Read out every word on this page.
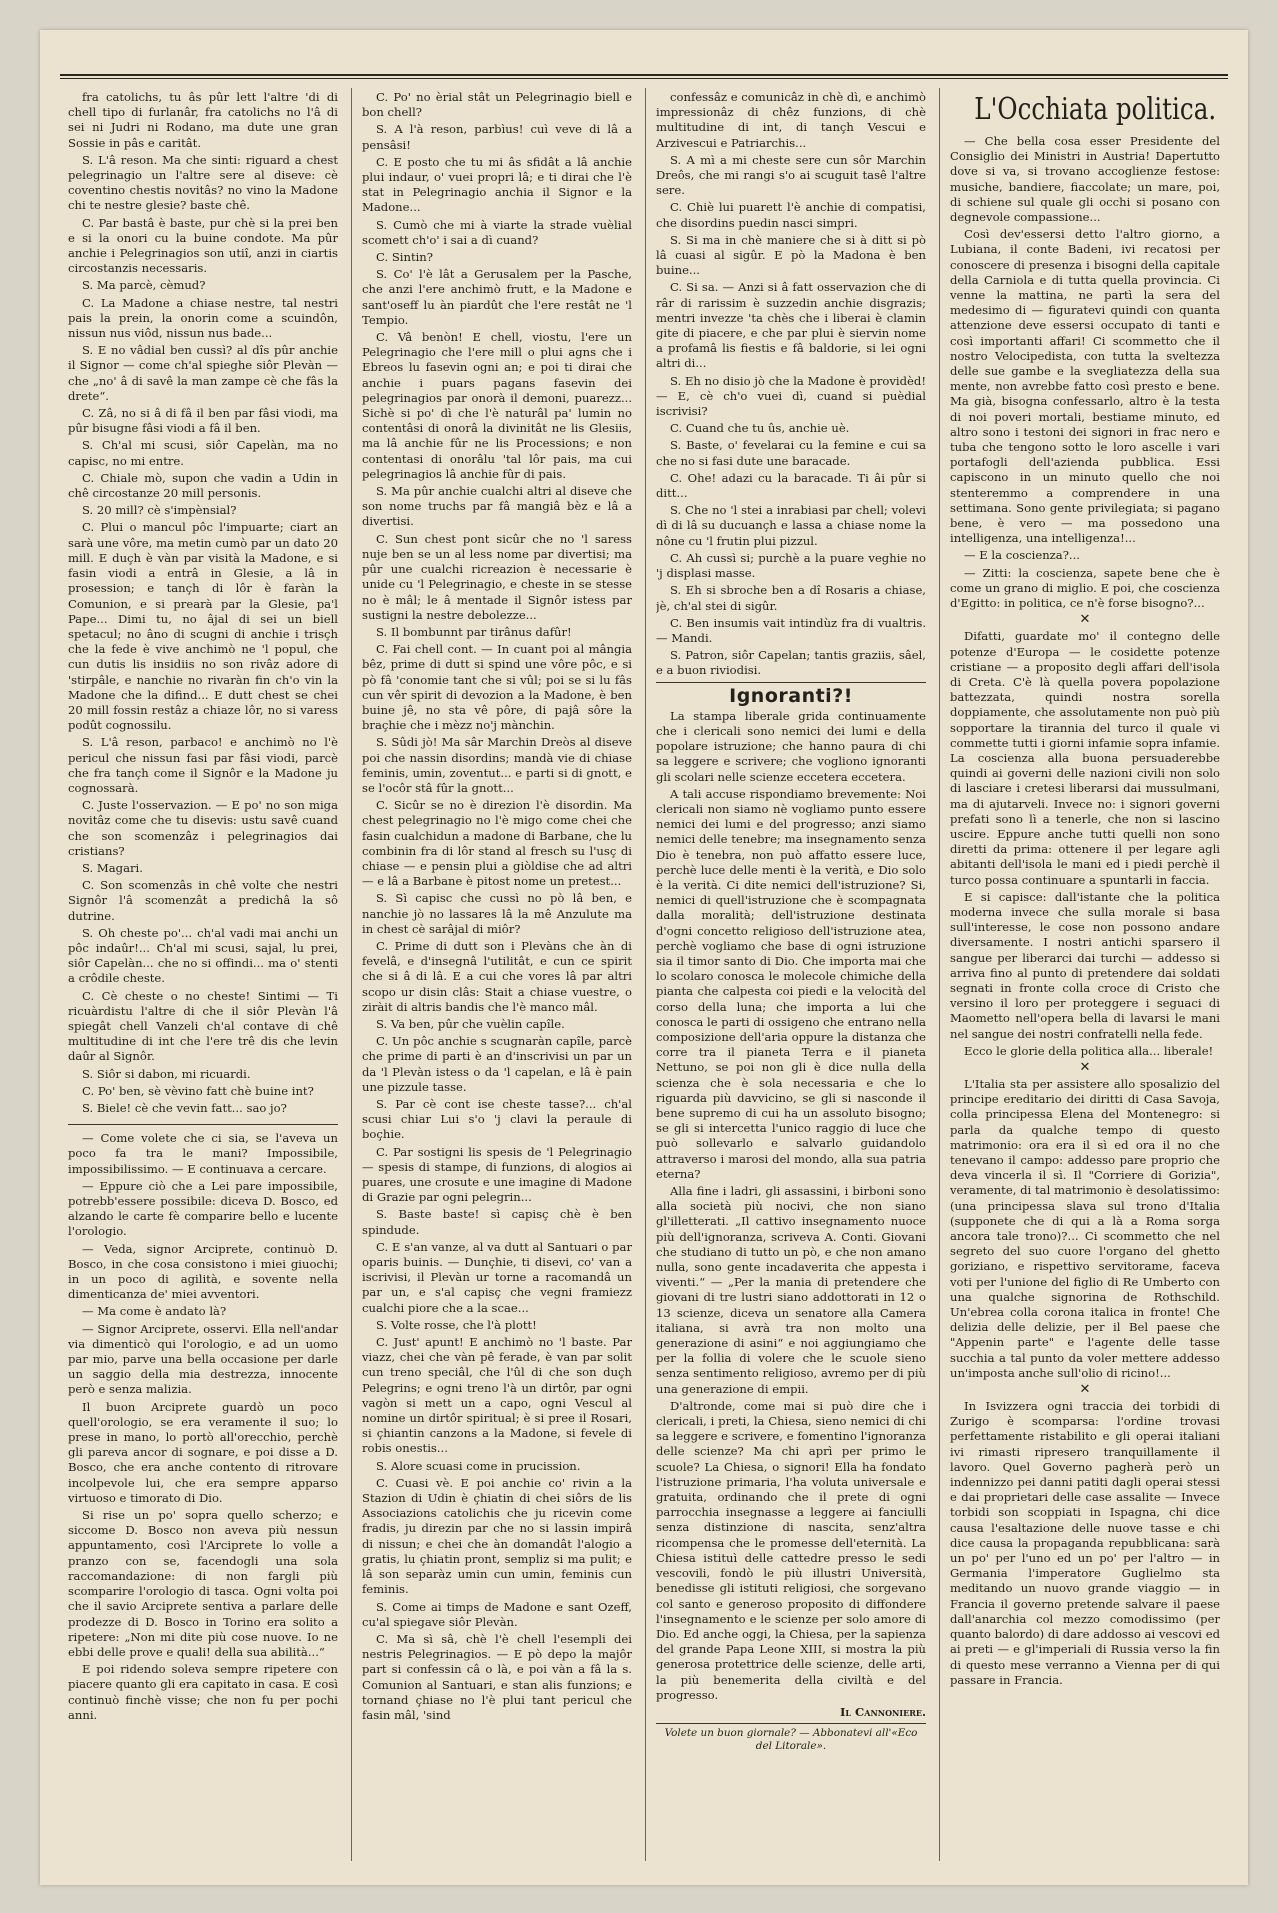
fra catolichs, tu âs pûr lett l'altre 'di di chell tipo di furlanâr, fra catolichs no l'â di sei ni Judri ni Rodano, ma dute une gran Sossie in pâs e caritât.

S. L'â reson. Ma che sinti: riguard a chest pelegrinagio un l'altre sere al diseve: cè coventino chestis novitâs? no vino la Madone chi te nestre glesie? baste chê.

C. Par bastâ è baste, pur chè si la prei ben e si la onori cu la buine condote. Ma pûr anchie i Pelegrinagios son utiî, anzi in ciartis circostanzis necessaris.

S. Ma parcè, cèmud?

C. La Madone a chiase nestre, tal nestri pais la prein, la onorin come a scuindôn, nissun nus viôd, nissun nus bade...

S. E no vâdial ben cussì? al dîs pûr anchie il Signor — come ch'al spieghe siôr Plevàn — che „no' â di savê la man zampe cè che fâs la drete“.

C. Zâ, no si â di fâ il ben par fâsi viodi, ma pûr bisugne fâsi viodi a fâ il ben.

S. Ch'al mi scusi, siôr Capelàn, ma no capisc, no mi entre.

C. Chiale mò, supon che vadin a Udin in chê circostanze 20 mill personis.

S. 20 mill? cè s'impènsial?

C. Plui o mancul pôc l'impuarte; ciart an sarà une vôre, ma metin cumò par un dato 20 mill. E duçh è vàn par visità la Madone, e si fasin viodi a entrâ in Glesie, a lâ in prosession; e tançh di lôr è faràn la Comunion, e si prearà par la Glesie, pa'l Pape... Dimi tu, no âjal di sei un biell spetacul; no âno di scugni di anchie i trisçh che la fede è vive anchimò ne 'l popul, che cun dutis lis insidiis no son rivâz adore di 'stirpâle, e nanchie no rivaràn fin ch'o vin la Madone che la difind... E dutt chest se chei 20 mill fossin restâz a chiaze lôr, no si varess podût cognossilu.

S. L'â reson, parbaco! e anchimò no l'è pericul che nissun fasi par fâsi viodi, parcè che fra tançh come il Signôr e la Madone ju cognossarà.

C. Juste l'osservazion. — E po' no son miga novitâz come che tu disevis: ustu savê cuand che son scomenzâz i pelegrinagios dai cristians?

S. Magari.

C. Son scomenzâs in chê volte che nestri Signôr l'â scomenzât a predichâ la sô dutrine.

S. Oh cheste po'... ch'al vadi mai anchi un pôc indaûr!... Ch'al mi scusi, sajal, lu prei, siôr Capelàn... che no si offindi... ma o' stenti a crôdile cheste.

C. Cè cheste o no cheste! Sintimi — Ti ricuàrdistu l'altre di che il siôr Plevàn l'â spiegât chell Vanzeli ch'al contave di chê multitudine di int che l'ere trê dis che levin daûr al Signôr.

S. Siôr si dabon, mi ricuardi.

C. Po' ben, sè vèvino fatt chè buine int?

S. Biele! cè che vevin fatt... sao jo?

— Come volete che ci sia, se l'aveva un poco fa tra le mani? Impossibile, impossibilissimo. — E continuava a cercare.

— Eppure ciò che a Lei pare impossibile, potrebb'essere possibile: diceva D. Bosco, ed alzando le carte fè comparire bello e lucente l'orologio.

— Veda, signor Arciprete, continuò D. Bosco, in che cosa consistono i miei giuochi; in un poco di agilità, e sovente nella dimenticanza de' miei avventori.

— Ma come è andato là?

— Signor Arciprete, osservi. Ella nell'andar via dimenticò qui l'orologio, e ad un uomo par mio, parve una bella occasione per darle un saggio della mia destrezza, innocente però e senza malizia.

Il buon Arciprete guardò un poco quell'orologio, se era veramente il suo; lo prese in mano, lo portò all'orecchio, perchè gli pareva ancor di sognare, e poi disse a D. Bosco, che era anche contento di ritrovare incolpevole lui, che era sempre apparso virtuoso e timorato di Dio.

Si rise un po' sopra quello scherzo; e siccome D. Bosco non aveva più nessun appuntamento, così l'Arciprete lo volle a pranzo con se, facendogli una sola raccomandazione: di non fargli più scomparire l'orologio di tasca. Ogni volta poi che il savio Arciprete sentiva a parlare delle prodezze di D. Bosco in Torino era solito a ripetere: „Non mi dite più cose nuove. Io ne ebbi delle prove e quali! della sua abilità...“

E poi ridendo soleva sempre ripetere con piacere quanto gli era capitato in casa. E così continuò finchè visse; che non fu per pochi anni.

C. Po' no èrial stât un Pelegrinagio biell e bon chell?

S. A l'à reson, parbìus! cuì veve di lâ a pensâsi!

C. E posto che tu mi âs sfidât a lâ anchie plui indaur, o' vuei propri lâ; e ti dirai che l'è stat in Pelegrinagio anchia il Signor e la Madone...

S. Cumò che mi à viarte la strade vuèlial scomett ch'o' i sai a dì cuand?

C. Sintin?

S. Co' l'è lât a Gerusalem per la Pasche, che anzi l'ere anchimò frutt, e la Madone e sant'oseff lu àn piardût che l'ere restât ne 'l Tempio.

C. Vâ benòn! E chell, viostu, l'ere un Pelegrinagio che l'ere mill o plui agns che i Ebreos lu fasevin ogni an; e poi ti dirai che anchie i puars pagans fasevin dei pelegrinagios par onorà il demoni, puarezz... Sichè si po' dì che l'è naturâl pa' lumin no contentâsi di onorâ la divinitât ne lis Glesiis, ma lâ anchie fûr ne lis Processions; e non contentasi di onorâlu 'tal lôr pais, ma cui pelegrinagios lâ anchie fûr di pais.

S. Ma pûr anchie cualchi altri al diseve che son nome truchs par fâ mangiâ bèz e lâ a divertisi.

C. Sun chest pont sicûr che no 'l saress nuje ben se un al less nome par divertisi; ma pûr une cualchi ricreazion è necessarie è unide cu 'l Pelegrinagio, e cheste in se stesse no è mâl; le â mentade il Signôr istess par sustigni la nestre debolezze...

S. Il bombunnt par tirânus dafûr!

C. Fai chell cont. — In cuant poi al mângia bêz, prime di dutt si spind une vôre pôc, e si pò fâ 'conomie tant che si vûl; poi se si lu fâs cun vêr spirit di devozion a la Madone, è ben buine jê, no sta vê pôre, di pajâ sôre la braçhie che i mèzz no'j mànchin.

S. Sûdi jò! Ma sâr Marchin Dreòs al diseve poi che nassin disordins; mandà vie di chiase feminis, umin, zoventut... e parti si di gnott, e se l'ocôr stâ fûr la gnott...

C. Sicûr se no è direzion l'è disordin. Ma chest pelegrinagio no l'è migo come chei che fasin cualchidun a madone di Barbane, che lu combinin fra di lôr stand al fresch su l'usç di chiase — e pensin plui a giòldise che ad altri — e lâ a Barbane è pitost nome un pretest...

S. Sì capisc che cussì no pò lâ ben, e nanchie jò no lassares lâ la mê Anzulute ma in chest cè sarâjal di miôr?

C. Prime di dutt son i Plevàns che àn di fevelâ, e d'insegnâ l'utilitât, e cun ce spirit che si â di lâ. E a cui che vores lâ par altri scopo ur disin clâs: Stait a chiase vuestre, o ziràit di altris bandis che l'è manco mâl.

S. Va ben, pûr che vuèlin capîle.

C. Un pôc anchie s scugnaràn capîle, parcè che prime di parti è an d'inscrivisi un par un da 'l Plevàn istess o da 'l capelan, e lâ è pain une pizzule tasse.

S. Par cè cont ise cheste tasse?... ch'al scusi chiar Lui s'o 'j clavi la peraule di boçhie.

C. Par sostigni lis spesis de 'l Pelegrinagio — spesis di stampe, di funzions, di alogios ai puares, une crosute e une imagine di Madone di Grazie par ogni pelegrin...

S. Baste baste! sì capisç chè è ben spindude.

C. E s'an vanze, al va dutt al Santuari o par oparis buinis. — Dunçhie, ti disevi, co' van a iscrivisi, il Plevàn ur torne a racomandâ un par un, e s'al capisç che vegni framiezz cualchi piore che a la scae...

S. Volte rosse, che l'à plott!

C. Just' apunt! E anchimò no 'l baste. Par viazz, chei che vàn pê ferade, è van par solit cun treno speciâl, che l'ûl di che son duçh Pelegrins; e ogni treno l'à un dirtôr, par ogni vagòn si mett un a capo, ogni Vescul al nomine un dirtôr spiritual; è si pree il Rosari, si çhiantin canzons a la Madone, si fevele di robis onestis...

S. Alore scuasi come in prucission.

C. Cuasi vè. E poi anchie co' rivin a la Stazion di Udin è çhiatin di chei siôrs de lis Associazions catolichis che ju ricevin come fradis, ju direzin par che no si lassin impirâ di nissun; e chei che àn domandât l'alogio a gratis, lu çhiatin pront, sempliz si ma pulit; e lâ son separàz umin cun umin, feminis cun feminis.

S. Come ai timps de Madone e sant Ozeff, cu'al spiegave siôr Plevàn.

C. Ma sì sâ, chè l'è chell l'esempli dei nestris Pelegrinagios. — E pò depo la majôr part si confessin câ o là, e poi vàn a fâ la s. Comunion al Santuari, e stan alis funzions; e tornand çhiase no l'è plui tant pericul che fasin mâl, 'sind

confessâz e comunicâz in chè dì, e anchimò impressionâz di chêz funzions, di chè multitudine di int, di tançh Vescui e Arzivescui e Patriarchis...

S. A mì a mi cheste sere cun sôr Marchin Dreôs, che mi rangi s'o ai scuguit tasê l'altre sere.

C. Chiè lui puarett l'è anchie di compatisi, che disordins puedin nasci simpri.

S. Si ma in chè maniere che si à ditt si pò lâ cuasi al sigûr. E pò la Madona è ben buine...

C. Si sa. — Anzi si â fatt osservazion che di râr di rarissim è suzzedin anchie disgrazis; mentri invezze 'ta chès che i liberai è clamin gite di piacere, e che par plui è siervin nome a profamâ lis fiestis e fâ baldorie, si lei ogni altri di...

S. Eh no disio jò che la Madone è providèd! — E, cè ch'o vuei dì, cuand si puèdial iscrivisi?

C. Cuand che tu ûs, anchie uè.

S. Baste, o' fevelarai cu la femine e cui sa che no si fasi dute une baracade.

C. Ohe! adazi cu la baracade. Ti âi pûr si ditt...

S. Che no 'l stei a inrabiasi par chell; volevi dì di lâ su ducuançh e lassa a chiase nome la nône cu 'l frutin plui pizzul.

C. Ah cussì si; purchè a la puare veghie no 'j displasi masse.

S. Eh si sbroche ben a dî Rosaris a chiase, jè, ch'al stei di sigûr.

C. Ben insumis vait intindùz fra di vualtris. — Mandi.

S. Patron, siôr Capelan; tantis graziis, sâel, e a buon riviodisi.

Ignoranti?!

La stampa liberale grida continuamente che i clericali sono nemici dei lumi e della popolare istruzione; che hanno paura di chi sa leggere e scrivere; che vogliono ignoranti gli scolari nelle scienze eccetera eccetera.

A tali accuse rispondiamo brevemente: Noi clericali non siamo nè vogliamo punto essere nemici dei lumi e del progresso; anzi siamo nemici delle tenebre; ma insegnamento senza Dio è tenebra, non può affatto essere luce, perchè luce delle menti è la verità, e Dio solo è la verità. Ci dite nemici dell'istruzione? Si, nemici di quell'istruzione che è scompagnata dalla moralità; dell'istruzione destinata d'ogni concetto religioso dell'istruzione atea, perchè vogliamo che base di ogni istruzione sia il timor santo di Dio. Che importa mai che lo scolaro conosca le molecole chimiche della pianta che calpesta coi piedi e la velocità del corso della luna; che importa a lui che conosca le parti di ossigeno che entrano nella composizione dell'aria oppure la distanza che corre tra il pianeta Terra e il pianeta Nettuno, se poi non gli è dice nulla della scienza che è sola necessaria e che lo riguarda più davvicino, se gli si nasconde il bene supremo di cui ha un assoluto bisogno; se gli si intercetta l'unico raggio di luce che può sollevarlo e salvarlo guidandolo attraverso i marosi del mondo, alla sua patria eterna?

Alla fine i ladri, gli assassini, i birboni sono alla società più nocivi, che non siano gl'illetterati. „Il cattivo insegnamento nuoce più dell'ignoranza, scriveva A. Conti. Giovani che studiano di tutto un pò, e che non amano nulla, sono gente incadaverita che appesta i viventi.“ — „Per la mania di pretendere che giovani di tre lustri siano addottorati in 12 o 13 scienze, diceva un senatore alla Camera italiana, si avrà tra non molto una generazione di asini“ e noi aggiungiamo che per la follia di volere che le scuole sieno senza sentimento religioso, avremo per di più una generazione di empii.

D'altronde, come mai si può dire che i clericali, i preti, la Chiesa, sieno nemici di chi sa leggere e scrivere, e fomentino l'ignoranza delle scienze? Ma chi aprì per primo le scuole? La Chiesa, o signori! Ella ha fondato l'istruzione primaria, l'ha voluta universale e gratuita, ordinando che il prete di ogni parrocchia insegnasse a leggere ai fanciulli senza distinzione di nascita, senz'altra ricompensa che le promesse dell'eternità. La Chiesa istituì delle cattedre presso le sedi vescovili, fondò le più illustri Università, benedisse gli istituti religiosi, che sorgevano col santo e generoso proposito di diffondere l'insegnamento e le scienze per solo amore di Dio. Ed anche oggi, la Chiesa, per la sapienza del grande Papa Leone XIII, si mostra la più generosa protettrice delle scienze, delle arti, la più benemerita della civiltà e del progresso.

Il Cannoniere.

Volete un buon giornale? — Abbonatevi all'«Eco del Litorale».

L'Occhiata politica.

— Che bella cosa esser Presidente del Consiglio dei Ministri in Austria! Dapertutto dove si va, si trovano accoglienze festose: musiche, bandiere, fiaccolate; un mare, poi, di schiene sul quale gli occhi si posano con degnevole compassione...

Così dev'essersi detto l'altro giorno, a Lubiana, il conte Badeni, ivi recatosi per conoscere di presenza i bisogni della capitale della Carniola e di tutta quella provincia. Ci venne la mattina, ne partì la sera del medesimo di — figuratevi quindi con quanta attenzione deve essersi occupato di tanti e così importanti affari! Ci scommetto che il nostro Velocipedista, con tutta la sveltezza delle sue gambe e la svegliatezza della sua mente, non avrebbe fatto così presto e bene. Ma già, bisogna confessarlo, altro è la testa di noi poveri mortali, bestiame minuto, ed altro sono i testoni dei signori in frac nero e tuba che tengono sotto le loro ascelle i vari portafogli dell'azienda pubblica. Essi capiscono in un minuto quello che noi stenteremmo a comprendere in una settimana. Sono gente privilegiata; si pagano bene, è vero — ma possedono una intelligenza, una intelligenza!...

— E la coscienza?...

— Zitti: la coscienza, sapete bene che è come un grano di miglio. E poi, che coscienza d'Egitto: in politica, ce n'è forse bisogno?...

✕

Difatti, guardate mo' il contegno delle potenze d'Europa — le cosidette potenze cristiane — a proposito degli affari dell'isola di Creta. C'è là quella povera popolazione battezzata, quindi nostra sorella doppiamente, che assolutamente non può più sopportare la tirannia del turco il quale vi commette tutti i giorni infamie sopra infamie. La coscienza alla buona persuaderebbe quindi ai governi delle nazioni civili non solo di lasciare i cretesi liberarsi dai mussulmani, ma di ajutarveli. Invece no: i signori governi prefati sono lì a tenerle, che non si lascino uscire. Eppure anche tutti quelli non sono diretti da prima: ottenere il per legare agli abitanti dell'isola le mani ed i piedi perchè il turco possa continuare a spuntarli in faccia.

E si capisce: dall'istante che la politica moderna invece che sulla morale si basa sull'interesse, le cose non possono andare diversamente. I nostri antichi sparsero il sangue per liberarci dai turchi — addesso si arriva fino al punto di pretendere dai soldati segnati in fronte colla croce di Cristo che versino il loro per proteggere i seguaci di Maometto nell'opera bella di lavarsi le mani nel sangue dei nostri confratelli nella fede.

Ecco le glorie della politica alla... liberale!

✕

L'Italia sta per assistere allo sposalizio del principe ereditario dei diritti di Casa Savoja, colla principessa Elena del Montenegro: si parla da qualche tempo di questo matrimonio: ora era il sì ed ora il no che tenevano il campo: addesso pare proprio che deva vincerla il sì. Il "Corriere di Gorizia", veramente, di tal matrimonio è desolatissimo: (una principessa slava sul trono d'Italia (supponete che di qui a là a Roma sorga ancora tale trono)?... Ci scommetto che nel segreto del suo cuore l'organo del ghetto goriziano, e rispettivo servitorame, faceva voti per l'unione del figlio di Re Umberto con una qualche signorina de Rothschild. Un'ebrea colla corona italica in fronte! Che delizia delle delizie, per il Bel paese che "Appenin parte" e l'agente delle tasse succhia a tal punto da voler mettere addesso un'imposta anche sull'olio di ricino!...

✕

In Isvizzera ogni traccia dei torbidi di Zurigo è scomparsa: l'ordine trovasi perfettamente ristabilito e gli operai italiani ivi rimasti ripresero tranquillamente il lavoro. Quel Governo pagherà però un indennizzo pei danni patiti dagli operai stessi e dai proprietari delle case assalite — Invece torbidi son scoppiati in Ispagna, chi dice causa l'esaltazione delle nuove tasse e chi dice causa la propaganda repubblicana: sarà un po' per l'uno ed un po' per l'altro — in Germania l'imperatore Guglielmo sta meditando un nuovo grande viaggio — in Francia il governo pretende salvare il paese dall'anarchia col mezzo comodissimo (per quanto balordo) di dare addosso ai vescovi ed ai preti — e gl'imperiali di Russia verso la fin di questo mese verranno a Vienna per di qui passare in Francia.
